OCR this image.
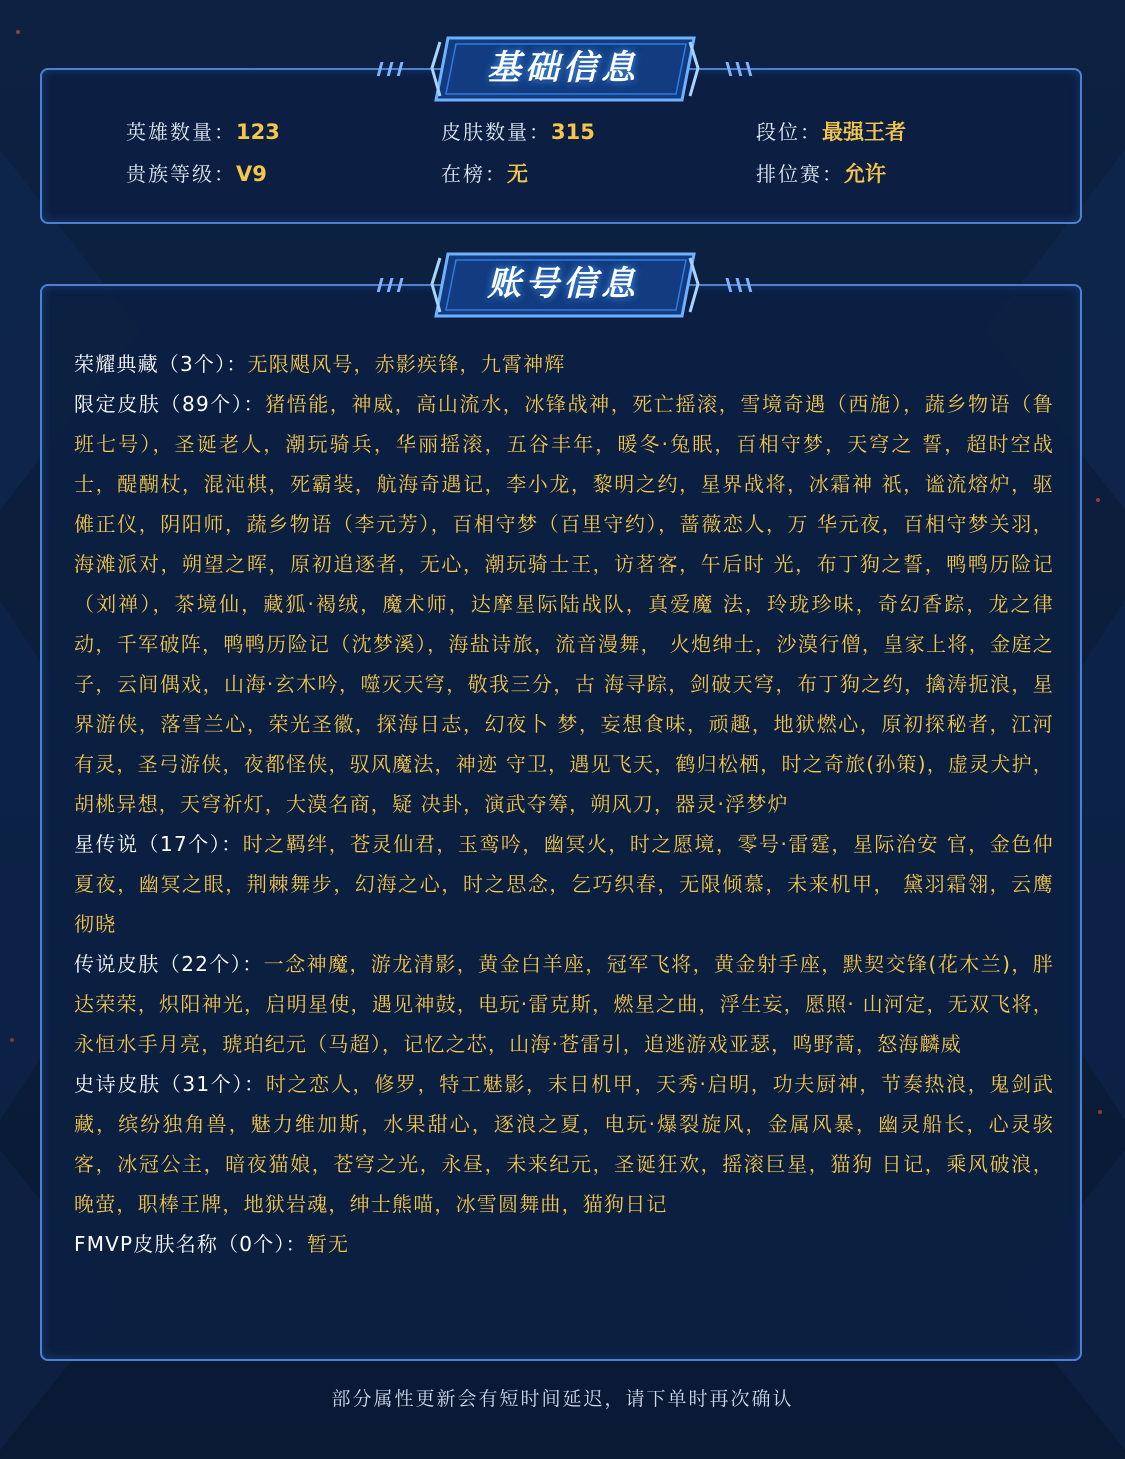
英雄数量：123	皮肤数量：315	段位：最强王者
贵族等级：V9	在榜：无	排位赛：允许
基础信息
荣耀典藏（3个）：无限飓风号，赤影疾锋，九霄神辉
限定皮肤（89个）：猪悟能，神威，高山流水，冰锋战神，死亡摇滚，雪境奇遇（西施），蔬乡物语（鲁班七号），圣诞老人，潮玩骑兵，华丽摇滚，五谷丰年，暖冬·兔眠，百相守梦，天穹之 誓，超时空战士，醍醐杖，混沌棋，死霸装，航海奇遇记，李小龙，黎明之约，星界战将，冰霜神 祇，谧流熔炉，驱傩正仪，阴阳师，蔬乡物语（李元芳），百相守梦（百里守约），蔷薇恋人，万 华元夜，百相守梦关羽，海滩派对，朔望之晖，原初追逐者，无心，潮玩骑士王，访茗客，午后时 光，布丁狗之誓，鸭鸭历险记（刘禅），茶境仙，藏狐·褐绒，魔术师，达摩星际陆战队，真爱魔 法，玲珑珍味，奇幻香踪，龙之律动，千军破阵，鸭鸭历险记（沈梦溪），海盐诗旅，流音漫舞， 火炮绅士，沙漠行僧，皇家上将，金庭之子，云间偶戏，山海·玄木吟，噬灭天穹，敬我三分，古 海寻踪，剑破天穹，布丁狗之约，擒涛扼浪，星界游侠，落雪兰心，荣光圣徽，探海日志，幻夜卜 梦，妄想食味，顽趣，地狱燃心，原初探秘者，江河有灵，圣弓游侠，夜都怪侠，驭风魔法，神迹 守卫，遇见飞天，鹤归松栖，时之奇旅(孙策)，虚灵犬护，胡桃异想，天穹祈灯，大漠名商，疑 决卦，演武夺筹，朔风刀，器灵·浮梦炉
星传说（17个）：时之羁绊，苍灵仙君，玉鸾吟，幽冥火，时之愿境，零号·雷霆，星际治安 官，金色仲夏夜，幽冥之眼，荆棘舞步，幻海之心，时之思念，乞巧织春，无限倾慕，未来机甲， 黛羽霜翎，云鹰彻晓
传说皮肤（22个）：一念神魔，游龙清影，黄金白羊座，冠军飞将，黄金射手座，默契交锋(花木兰)，胖达荣荣，炽阳神光，启明星使，遇见神鼓，电玩·雷克斯，燃星之曲，浮生妄，愿照· 山河定，无双飞将，永恒水手月亮，琥珀纪元（马超），记忆之芯，山海·苍雷引，追逃游戏亚瑟，鸣野蒿，怒海麟威
史诗皮肤（31个）：时之恋人，修罗，特工魅影，末日机甲，天秀·启明，功夫厨神，节奏热浪，鬼剑武藏，缤纷独角兽，魅力维加斯，水果甜心，逐浪之夏，电玩·爆裂旋风，金属风暴，幽灵船长，心灵骇客，冰冠公主，暗夜猫娘，苍穹之光，永昼，未来纪元，圣诞狂欢，摇滚巨星，猫狗 日记，乘风破浪，晚萤，职棒王牌，地狱岩魂，绅士熊喵，冰雪圆舞曲，猫狗日记
FMVP皮肤名称（0个）：暂无
账号信息
部分属性更新会有短时间延迟，请下单时再次确认
